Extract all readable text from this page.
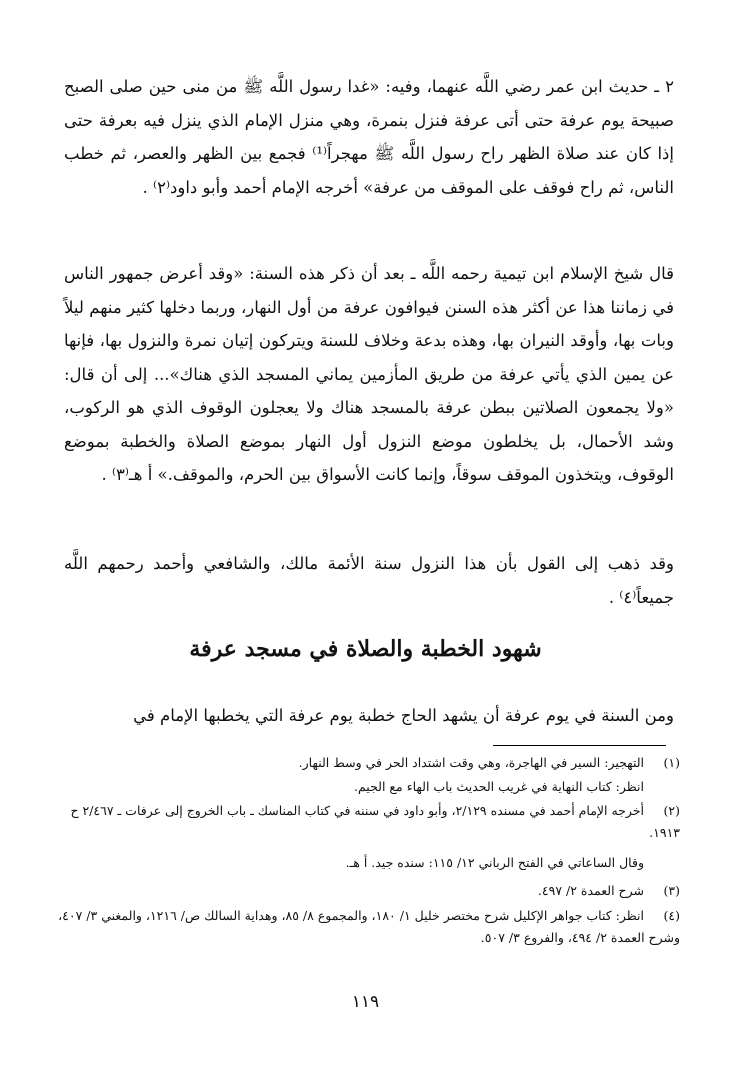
٢ ـ حديث ابن عمر رضي اللَّه عنهما، وفيه: «غدا رسول اللَّه ﷺ من منى حين صلى الصبح صبيحة يوم عرفة حتى أتى عرفة فنزل بنمرة، وهي منزل الإمام الذي ينزل فيه بعرفة حتى إذا كان عند صلاة الظهر راح رسول اللَّه ﷺ مهجراً⁽¹⁾ فجمع بين الظهر والعصر، ثم خطب الناس، ثم راح فوقف على الموقف من عرفة» أخرجه الإمام أحمد وأبو داود⁽٢⁾ .

قال شيخ الإسلام ابن تيمية رحمه اللَّه ـ بعد أن ذكر هذه السنة: «وقد أعرض جمهور الناس في زماننا هذا عن أكثر هذه السنن فيوافون عرفة من أول النهار، وربما دخلها كثير منهم ليلاً وبات بها، وأوقد النيران بها، وهذه بدعة وخلاف للسنة ويتركون إتيان نمرة والنزول بها، فإنها عن يمين الذي يأتي عرفة من طريق المأزمين يماني المسجد الذي هناك»... إلى أن قال: «ولا يجمعون الصلاتين ببطن عرفة بالمسجد هناك ولا يعجلون الوقوف الذي هو الركوب، وشد الأحمال، بل يخلطون موضع النزول أول النهار بموضع الصلاة والخطبة بموضع الوقوف، ويتخذون الموقف سوقاً، وإنما كانت الأسواق بين الحرم، والموقف.» أ هـ⁽٣⁾ .

وقد ذهب إلى القول بأن هذا النزول سنة الأئمة مالك، والشافعي وأحمد رحمهم اللَّه جميعاً⁽٤⁾ .

شهود الخطبة والصلاة في مسجد عرفة

ومن السنة في يوم عرفة أن يشهد الحاج خطبة يوم عرفة التي يخطبها الإمام في

(١)التهجير: السير في الهاجرة، وهي وقت اشتداد الحر في وسط النهار.
انظر: كتاب النهاية في غريب الحديث باب الهاء مع الجيم.
(٢)أخرجه الإمام أحمد في مسنده ٢/١٢٩، وأبو داود في سننه في كتاب المناسك ـ باب الخروج إلى عرفات ـ ٢/٤٦٧ ح ١٩١٣.
وقال الساعاتي في الفتح الرباني ١٢/ ١١٥: سنده جيد. أ هـ.
(٣)شرح العمدة ٢/ ٤٩٧.
(٤)انظر: كتاب جواهر الإكليل شرح مختصر خليل ١/ ١٨٠، والمجموع ٨/ ٨٥، وهداية السالك ص/ ١٢١٦، والمغني ٣/ ٤٠٧، وشرح العمدة ٢/ ٤٩٤، والفروع ٣/ ٥٠٧.
١١٩
